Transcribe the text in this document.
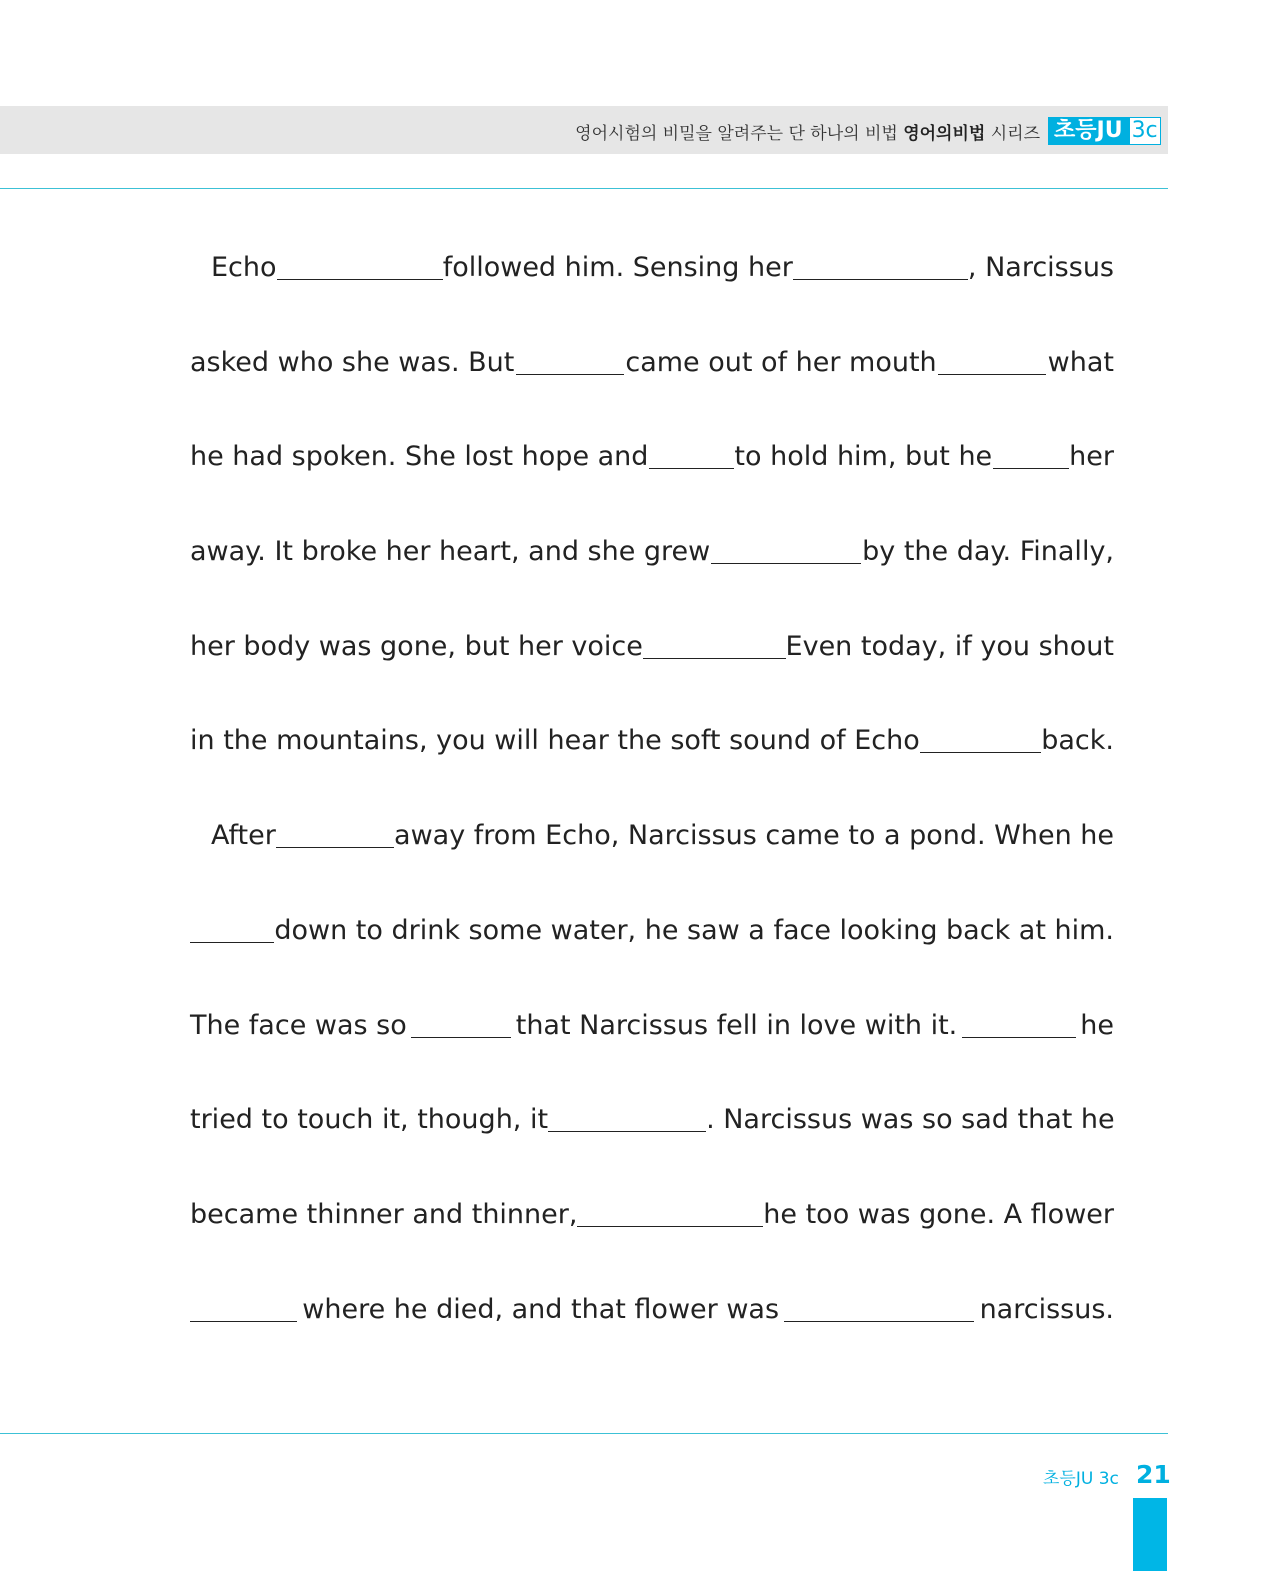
영어시험의 비밀을 알려주는 단 하나의 비법 영어의비법 시리즈 초등JU 3c
Echo	followed him. Sensing her	, Narcissus
asked who she was. But	came out of her mouth	what
he had spoken. She lost hope and	to hold him, but he	her
away. It broke her heart, and she grew	by the day. Finally,
her body was gone, but her voice	Even today, if you shout
in the mountains, you will hear the soft sound of Echo	back.
After	away from Echo, Narcissus came to a pond. When he
down to drink some water, he saw a face looking back at him.
The face was so	that Narcissus fell in love with it.	he
tried to touch it, though, it	. Narcissus was so sad that he
became thinner and thinner,	he too was gone. A flower
where he died, and that flower was	narcissus.
초등JU 3c 21
